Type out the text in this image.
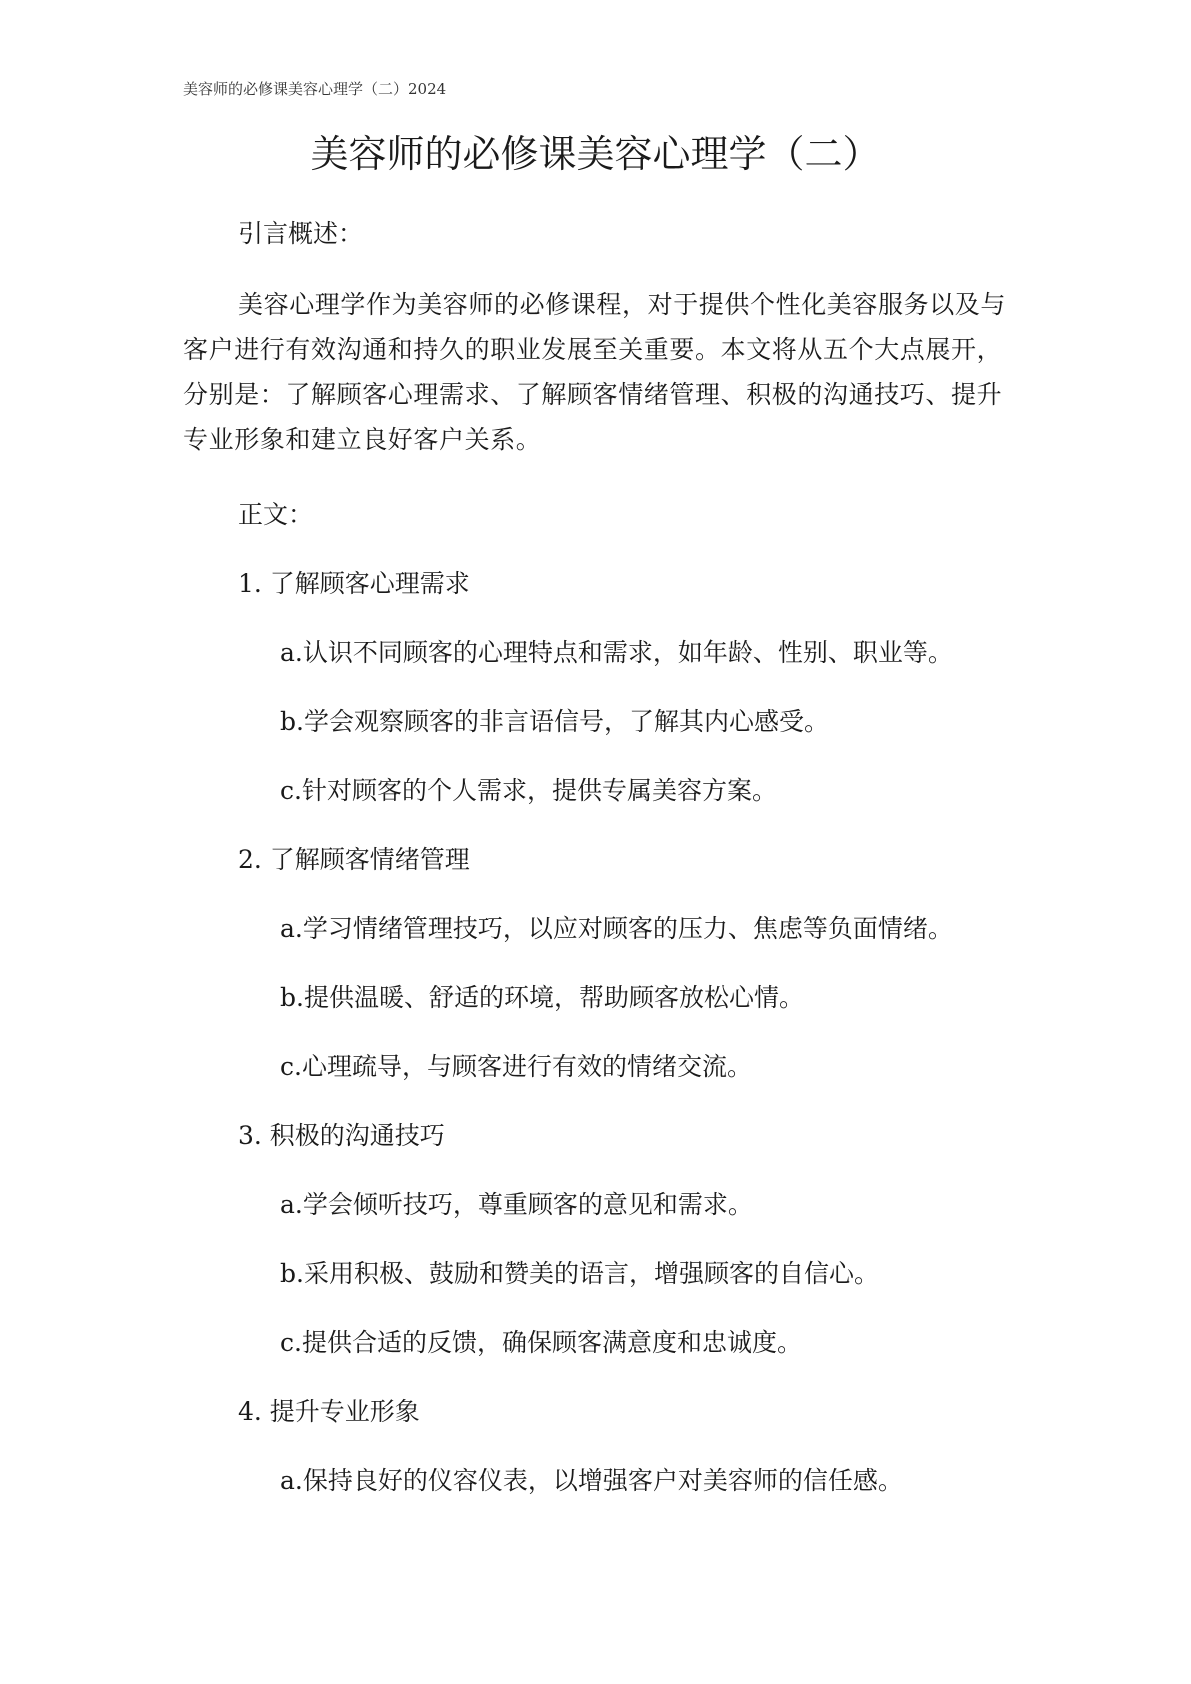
美容师的必修课美容心理学（二）2024
美容师的必修课美容心理学（二）
引言概述：

美容心理学作为美容师的必修课程，对于提供个性化美容服务以及与客户进行有效沟通和持久的职业发展至关重要。本文将从五个大点展开，分别是：了解顾客心理需求、了解顾客情绪管理、积极的沟通技巧、提升专业形象和建立良好客户关系。

正文：
1. 了解顾客心理需求
a.认识不同顾客的心理特点和需求，如年龄、性别、职业等。
b.学会观察顾客的非言语信号，了解其内心感受。
c.针对顾客的个人需求，提供专属美容方案。
2. 了解顾客情绪管理
a.学习情绪管理技巧，以应对顾客的压力、焦虑等负面情绪。
b.提供温暖、舒适的环境，帮助顾客放松心情。
c.心理疏导，与顾客进行有效的情绪交流。
3. 积极的沟通技巧
a.学会倾听技巧，尊重顾客的意见和需求。
b.采用积极、鼓励和赞美的语言，增强顾客的自信心。
c.提供合适的反馈，确保顾客满意度和忠诚度。
4. 提升专业形象
a.保持良好的仪容仪表，以增强客户对美容师的信任感。
